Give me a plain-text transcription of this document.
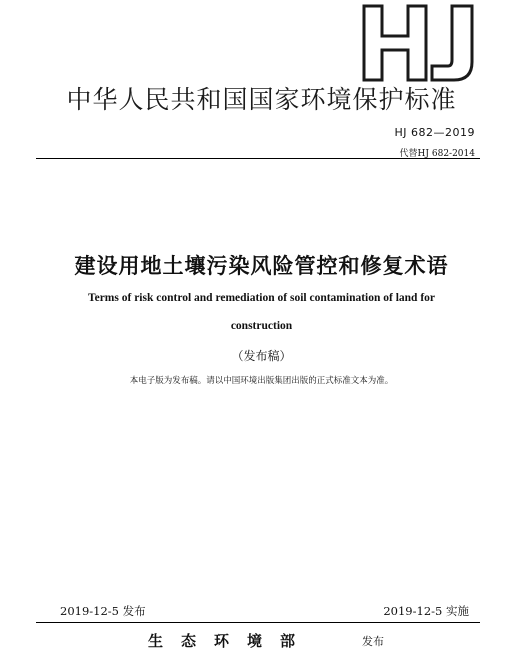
中华人民共和国国家环境保护标准
HJ 682—2019
代替HJ 682-2014
建设用地土壤污染风险管控和修复术语
Terms of risk control and remediation of soil contamination of land for
construction
（发布稿）
本电子版为发布稿。请以中国环境出版集团出版的正式标准文本为准。
2019-12-5 发布	2019-12-5 实施
生态环境部	发布
